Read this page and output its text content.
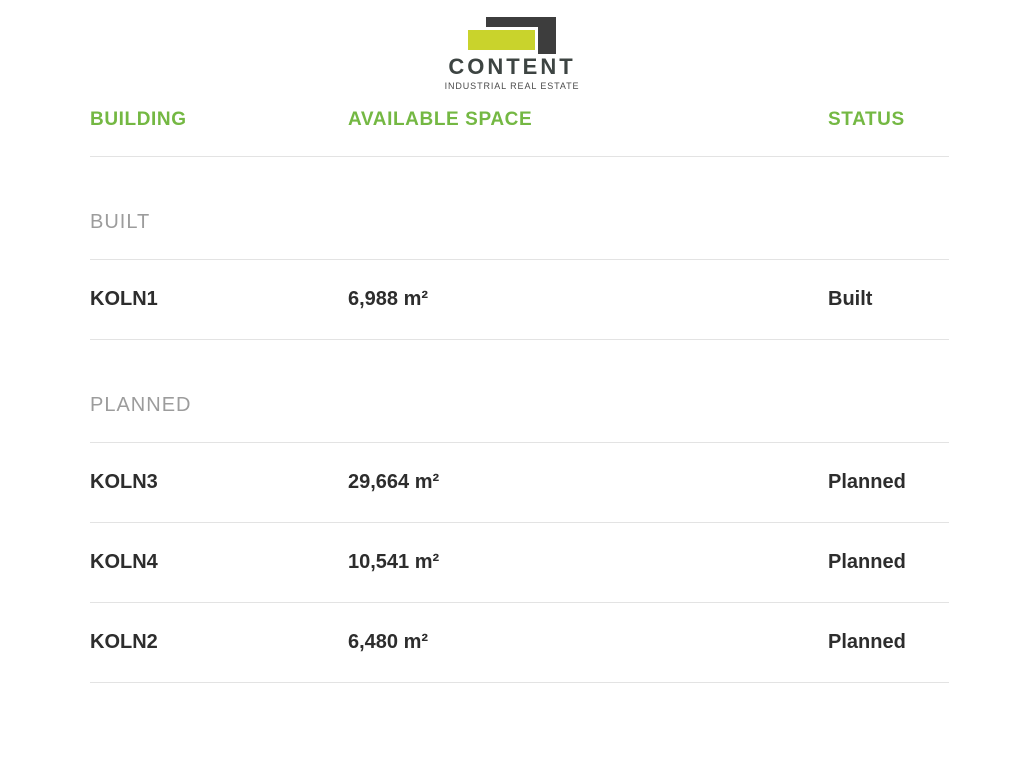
CONTENT
INDUSTRIAL REAL ESTATE
BUILDING	AVAILABLE SPACE	STATUS
BUILT
KOLN1	6,988 m²	Built
PLANNED
KOLN3	29,664 m²	Planned
KOLN4	10,541 m²	Planned
KOLN2	6,480 m²	Planned
